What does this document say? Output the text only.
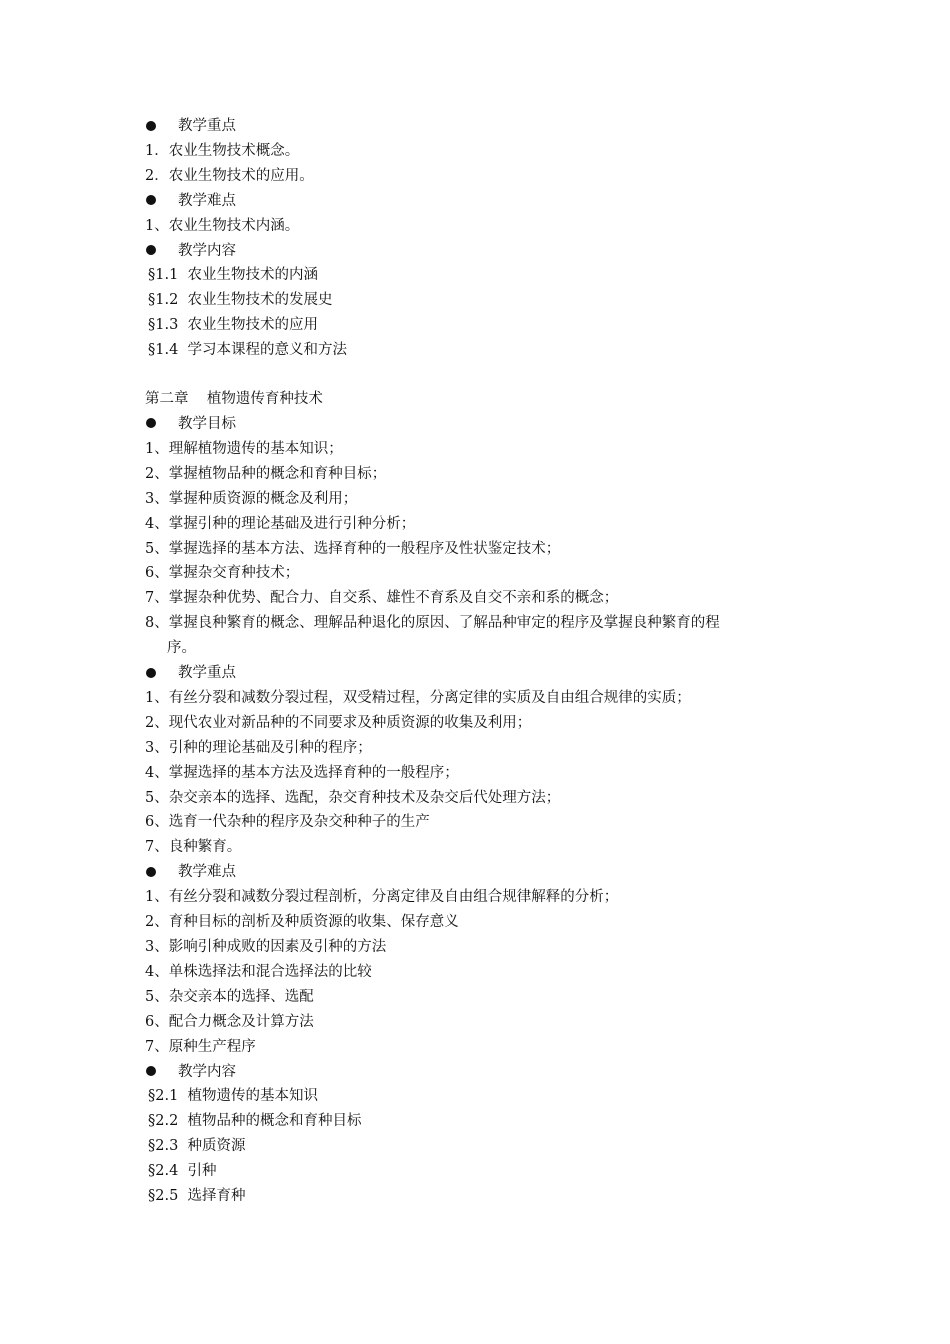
教学重点
1．农业生物技术概念。
2．农业生物技术的应用。
教学难点
1、农业生物技术内涵。
教学内容
§1.1  农业生物技术的内涵
§1.2  农业生物技术的发展史
§1.3  农业生物技术的应用
§1.4  学习本课程的意义和方法
第二章    植物遗传育种技术
教学目标
1、理解植物遗传的基本知识；
2、掌握植物品种的概念和育种目标；
3、掌握种质资源的概念及利用；
4、掌握引种的理论基础及进行引种分析；
5、掌握选择的基本方法、选择育种的一般程序及性状鉴定技术；
6、掌握杂交育种技术；
7、掌握杂种优势、配合力、自交系、雄性不育系及自交不亲和系的概念；
8、掌握良种繁育的概念、理解品种退化的原因、了解品种审定的程序及掌握良种繁育的程
序。
教学重点
1、有丝分裂和减数分裂过程，双受精过程，分离定律的实质及自由组合规律的实质；
2、现代农业对新品种的不同要求及种质资源的收集及利用；
3、引种的理论基础及引种的程序；
4、掌握选择的基本方法及选择育种的一般程序；
5、杂交亲本的选择、选配，杂交育种技术及杂交后代处理方法；
6、选育一代杂种的程序及杂交种种子的生产
7、良种繁育。
教学难点
1、有丝分裂和减数分裂过程剖析，分离定律及自由组合规律解释的分析；
2、育种目标的剖析及种质资源的收集、保存意义
3、影响引种成败的因素及引种的方法
4、单株选择法和混合选择法的比较
5、杂交亲本的选择、选配
6、配合力概念及计算方法
7、原种生产程序
教学内容
§2.1  植物遗传的基本知识
§2.2  植物品种的概念和育种目标
§2.3  种质资源
§2.4  引种
§2.5  选择育种
